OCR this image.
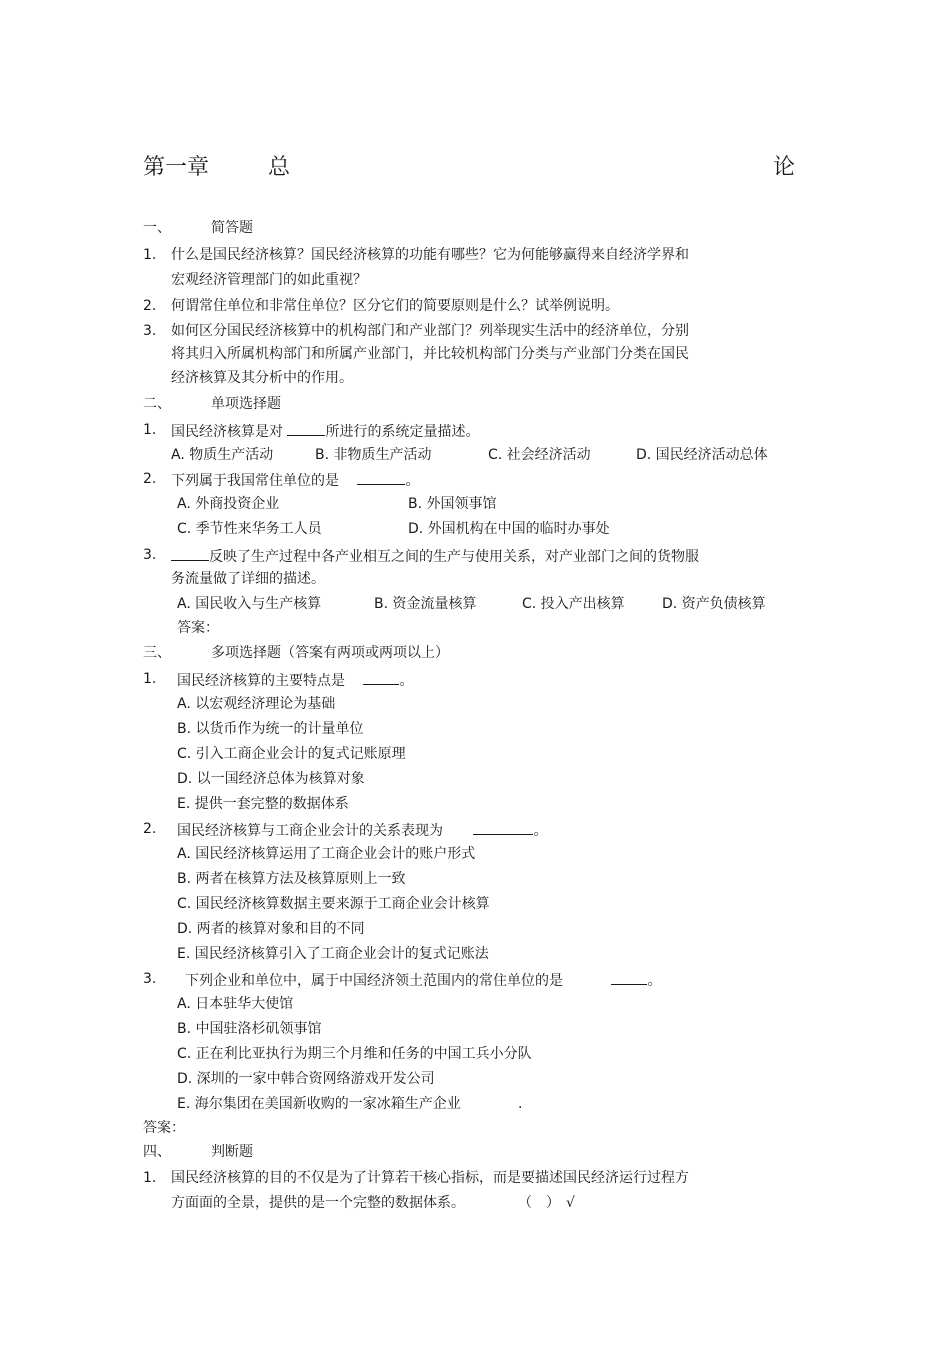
第一章	总	论
一、	简答题
1. 什么是国民经济核算？国民经济核算的功能有哪些？它为何能够赢得来自经济学界和
宏观经济管理部门的如此重视？
2. 何谓常住单位和非常住单位？区分它们的简要原则是什么？试举例说明。
3. 如何区分国民经济核算中的机构部门和产业部门？列举现实生活中的经济单位，分别
将其归入所属机构部门和所属产业部门，并比较机构部门分类与产业部门分类在国民
经济核算及其分析中的作用。
二、	单项选择题
1. 国民经济核算是对	所进行的系统定量描述。
A. 物质生产活动	B. 非物质生产活动	C. 社会经济活动	D. 国民经济活动总体
2. 下列属于我国常住单位的是	。
A. 外商投资企业	B. 外国领事馆
C. 季节性来华务工人员	D. 外国机构在中国的临时办事处
3.	反映了生产过程中各产业相互之间的生产与使用关系，对产业部门之间的货物服
务流量做了详细的描述。
A. 国民收入与生产核算	B. 资金流量核算	C. 投入产出核算	D. 资产负债核算
答案：
三、	多项选择题（答案有两项或两项以上）
1. 国民经济核算的主要特点是	。
A. 以宏观经济理论为基础
B. 以货币作为统一的计量单位
C. 引入工商企业会计的复式记账原理
D. 以一国经济总体为核算对象
E. 提供一套完整的数据体系
2. 国民经济核算与工商企业会计的关系表现为	。
A. 国民经济核算运用了工商企业会计的账户形式
B. 两者在核算方法及核算原则上一致
C. 国民经济核算数据主要来源于工商企业会计核算
D. 两者的核算对象和目的不同
E. 国民经济核算引入了工商企业会计的复式记账法
3. 下列企业和单位中，属于中国经济领土范围内的常住单位的是	。
A. 日本驻华大使馆
B. 中国驻洛杉矶领事馆
C. 正在利比亚执行为期三个月维和任务的中国工兵小分队
D. 深圳的一家中韩合资网络游戏开发公司
E. 海尔集团在美国新收购的一家冰箱生产企业	.
答案：
四、	判断题
1. 国民经济核算的目的不仅是为了计算若干核心指标，而是要描述国民经济运行过程方
方面面的全景，提供的是一个完整的数据体系。	（　） √
